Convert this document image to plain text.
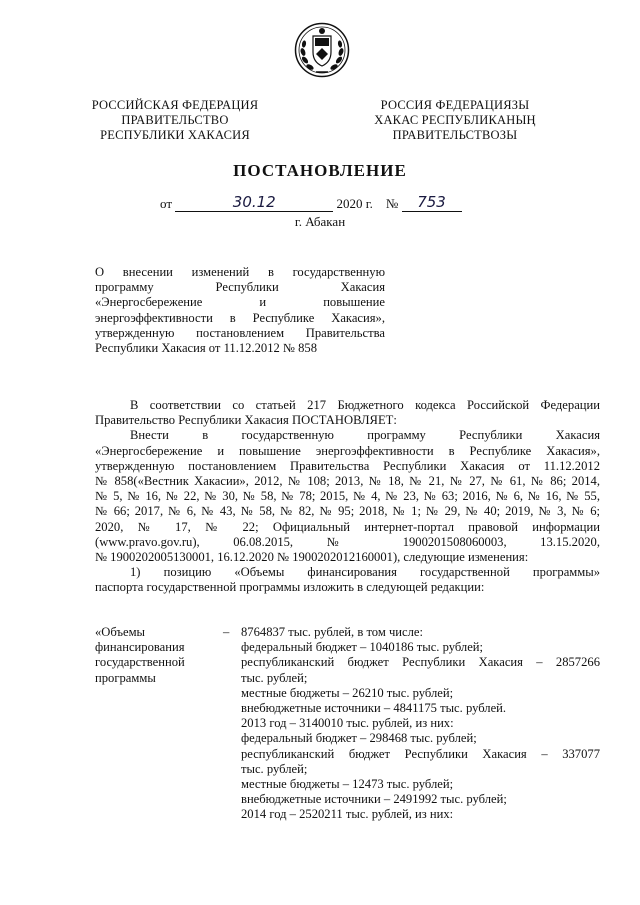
РОССИЙСКАЯ ФЕДЕРАЦИЯ
ПРАВИТЕЛЬСТВО
РЕСПУБЛИКИ ХАКАСИЯ
РОССИЯ ФЕДЕРАЦИЯЗЫ
ХАКАС РЕСПУБЛИКАНЫҢ
ПРАВИТЕЛЬСТВОЗЫ
ПОСТАНОВЛЕНИЕ
от	30.12	2020 г. № 753
г. Абакан
О внесении изменений в государственную
программу Республики Хакасия
«Энергосбережение и повышение
энергоэффективности в Республике Хакасия»,
утвержденную постановлением Правительства
Республики Хакасия от 11.12.2012 № 858
В соответствии со статьей 217 Бюджетного кодекса Российской Федерации
Правительство Республики Хакасия ПОСТАНОВЛЯЕТ:
Внести в государственную программу Республики Хакасия
«Энергосбережение и повышение энергоэффективности в Республике Хакасия»,
утвержденную постановлением Правительства Республики Хакасия от 11.12.2012
№ 858(«Вестник Хакасии», 2012, № 108; 2013, № 18, № 21, № 27, № 61, № 86; 2014,
№ 5, № 16, № 22, № 30, № 58, № 78; 2015, № 4, № 23, № 63; 2016, № 6, № 16, № 55,
№ 66; 2017, № 6, № 43, № 58, № 82, № 95; 2018, № 1; № 29, № 40; 2019, № 3, № 6;
2020, № 17, № 22; Официальный интернет-портал правовой информации
(www.pravo.gov.ru), 06.08.2015, № 1900201508060003, 13.15.2020,
№ 1900202005130001, 16.12.2020 № 1900202012160001), следующие изменения:
1) позицию «Объемы финансирования государственной программы»
паспорта государственной программы изложить в следующей редакции:
«Объемы
финансирования
государственной
программы
– 8764837 тыс. рублей, в том числе:
федеральный бюджет – 1040186 тыс. рублей;
республиканский бюджет Республики Хакасия – 2857266
тыс. рублей;
местные бюджеты – 26210 тыс. рублей;
внебюджетные источники – 4841175 тыс. рублей.
2013 год – 3140010 тыс. рублей, из них:
федеральный бюджет – 298468 тыс. рублей;
республиканский бюджет Республики Хакасия – 337077
тыс. рублей;
местные бюджеты – 12473 тыс. рублей;
внебюджетные источники – 2491992 тыс. рублей;
2014 год – 2520211 тыс. рублей, из них:
